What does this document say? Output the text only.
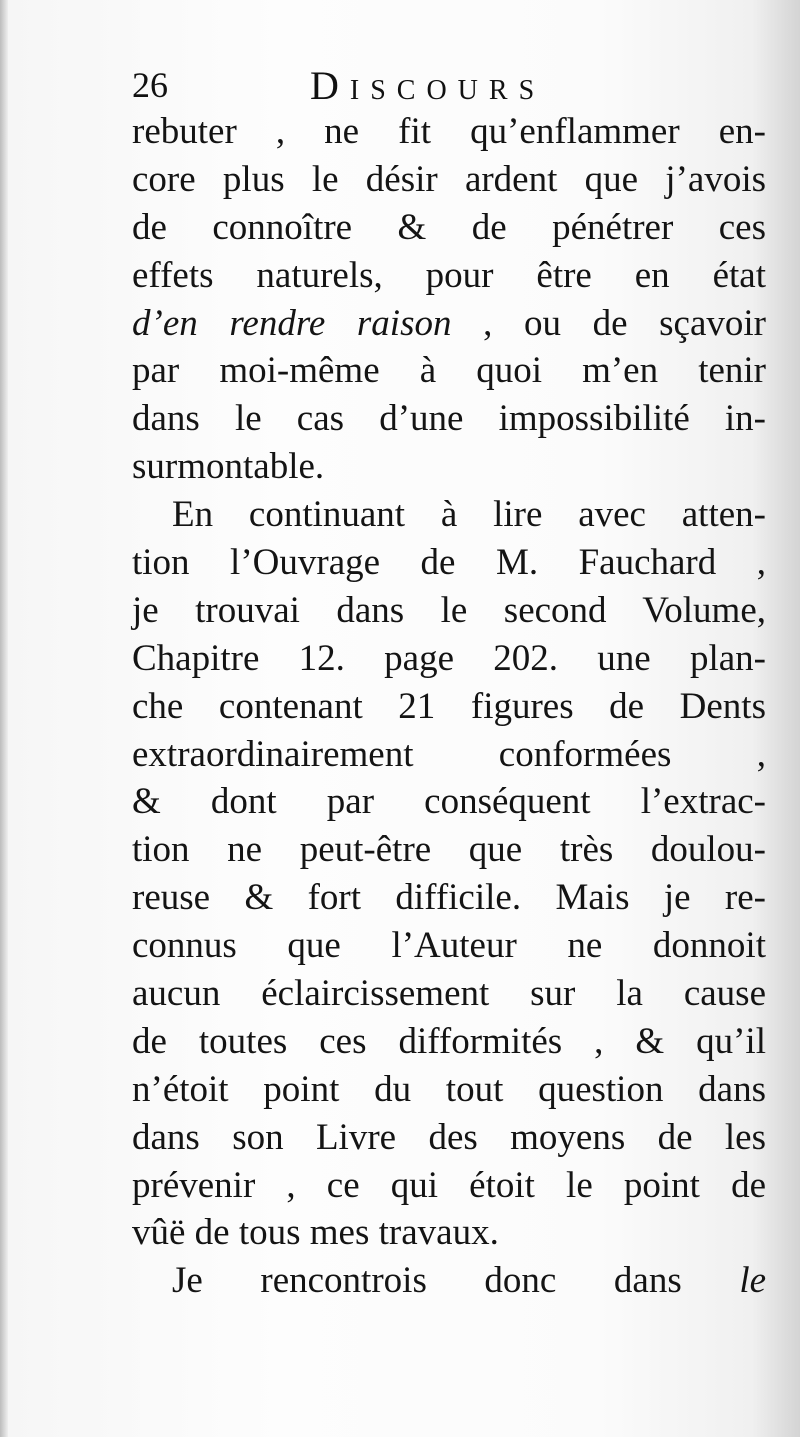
26	Discours
rebuter , ne fit qu’enflammer en-
core plus le désir ardent que j’avois
de connoître & de pénétrer ces
effets naturels, pour être en état
d’en rendre raison , ou de sçavoir
par moi-même à quoi m’en tenir
dans le cas d’une impossibilité in-
surmontable.
En continuant à lire avec atten-
tion l’Ouvrage de M. Fauchard ,
je trouvai dans le second Volume,
Chapitre 12. page 202. une plan-
che contenant 21 figures de Dents
extraordinairement conformées ,
& dont par conséquent l’extrac-
tion ne peut-être que très doulou-
reuse & fort difficile. Mais je re-
connus que l’Auteur ne donnoit
aucun éclaircissement sur la cause
de toutes ces difformités , & qu’il
n’étoit point du tout question dans
dans son Livre des moyens de les
prévenir , ce qui étoit le point de
vûë de tous mes travaux.
Je rencontrois donc dans le
